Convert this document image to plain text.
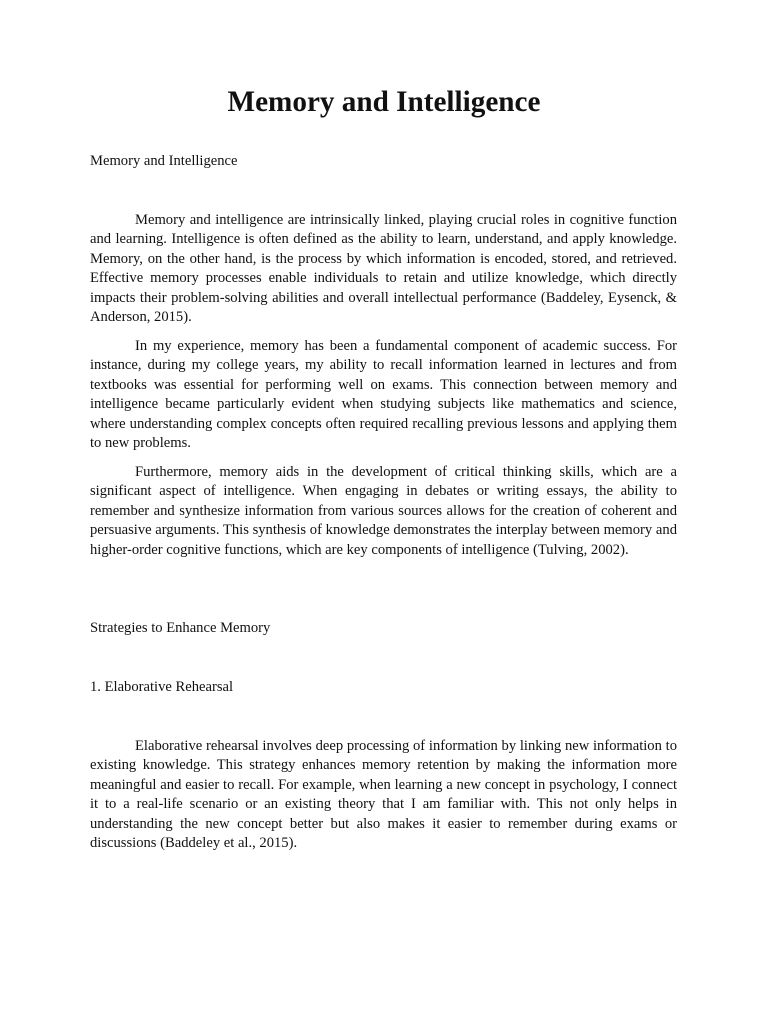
Memory and Intelligence
Memory and Intelligence

Memory and intelligence are intrinsically linked, playing crucial roles in cognitive function and learning. Intelligence is often defined as the ability to learn, understand, and apply knowledge. Memory, on the other hand, is the process by which information is encoded, stored, and retrieved. Effective memory processes enable individuals to retain and utilize knowledge, which directly impacts their problem-solving abilities and overall intellectual performance (Baddeley, Eysenck, & Anderson, 2015).

In my experience, memory has been a fundamental component of academic success. For instance, during my college years, my ability to recall information learned in lectures and from textbooks was essential for performing well on exams. This connection between memory and intelligence became particularly evident when studying subjects like mathematics and science, where understanding complex concepts often required recalling previous lessons and applying them to new problems.

Furthermore, memory aids in the development of critical thinking skills, which are a significant aspect of intelligence. When engaging in debates or writing essays, the ability to remember and synthesize information from various sources allows for the creation of coherent and persuasive arguments. This synthesis of knowledge demonstrates the interplay between memory and higher-order cognitive functions, which are key components of intelligence (Tulving, 2002).

Strategies to Enhance Memory
1. Elaborative Rehearsal

Elaborative rehearsal involves deep processing of information by linking new information to existing knowledge. This strategy enhances memory retention by making the information more meaningful and easier to recall. For example, when learning a new concept in psychology, I connect it to a real-life scenario or an existing theory that I am familiar with. This not only helps in understanding the new concept better but also makes it easier to remember during exams or discussions (Baddeley et al., 2015).
